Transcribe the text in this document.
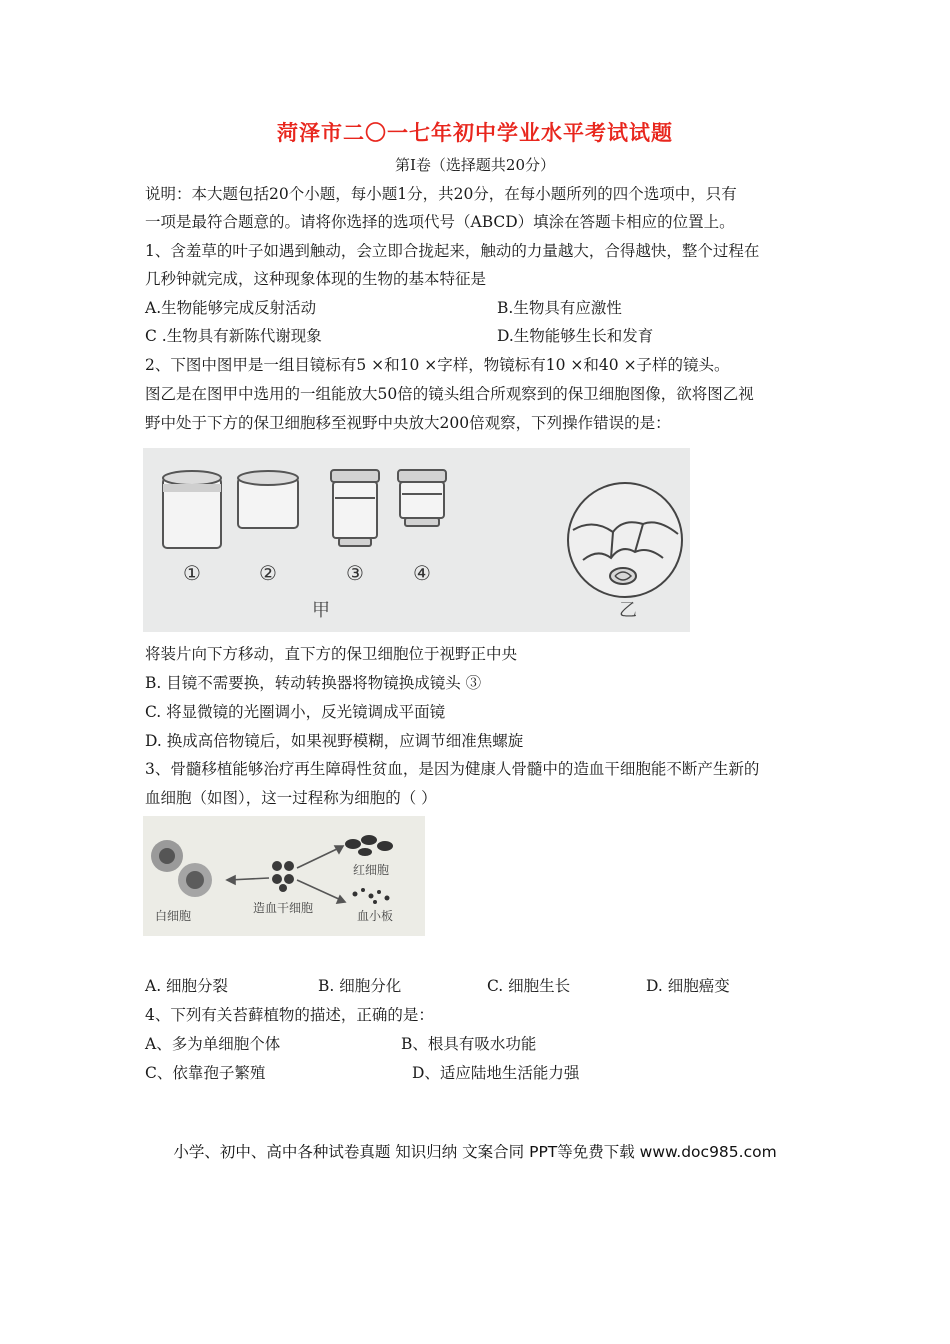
菏泽市二〇一七年初中学业水平考试试题
第Ⅰ卷（选择题共20分）
说明：本大题包括20个小题，每小题1分，共20分，在每小题所列的四个选项中，只有
一项是最符合题意的。请将你选择的选项代号（ABCD）填涂在答题卡相应的位置上。
1、含羞草的叶子如遇到触动，会立即合拢起来，触动的力量越大，合得越快，整个过程在
几秒钟就完成，这种现象体现的生物的基本特征是
A.生物能够完成反射活动	B.生物具有应激性
C .生物具有新陈代谢现象	D.生物能够生长和发育
2、下图中图甲是一组目镜标有5 ×和10 ×字样，物镜标有10 ×和40 ×子样的镜头。
图乙是在图甲中选用的一组能放大50倍的镜头组合所观察到的保卫细胞图像，欲将图乙视
野中处于下方的保卫细胞移至视野中央放大200倍观察，下列操作错误的是：
①	②	③ ④
甲	乙
将装片向下方移动，直下方的保卫细胞位于视野正中央
B. 目镜不需要换，转动转换器将物镜换成镜头 ③
C. 将显微镜的光圈调小，反光镜调成平面镜
D. 换成高倍物镜后，如果视野模糊，应调节细准焦螺旋
3、骨髓移植能够治疗再生障碍性贫血，是因为健康人骨髓中的造血干细胞能不断产生新的
血细胞（如图），这一过程称为细胞的（ ）
白细胞
造血干细胞
红细胞
血小板
A. 细胞分裂	B. 细胞分化	C. 细胞生长	D. 细胞癌变
4、下列有关苔藓植物的描述，正确的是：
A、多为单细胞个体	B、根具有吸水功能
C、依靠孢子繁殖	D、适应陆地生活能力强
小学、初中、高中各种试卷真题 知识归纳 文案合同 PPT等免费下载 www.doc985.com
